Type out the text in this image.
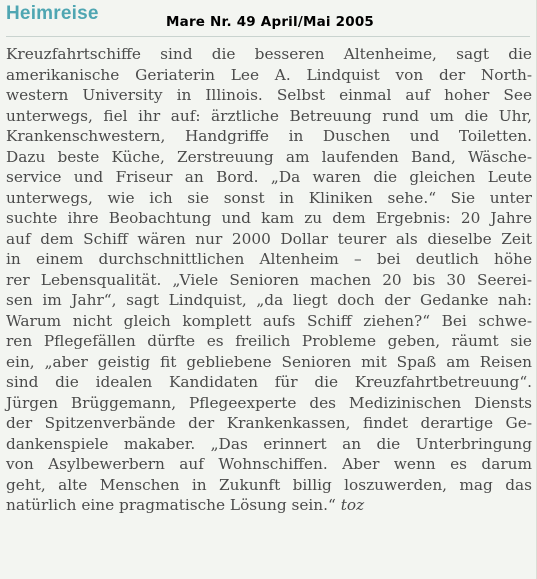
Heimreise	Mare Nr. 49 April/Mai 2005
Kreuzfahrtschiffe sind die besseren Altenheime, sagt die
amerikanische Geriaterin Lee A. Lindquist von der North-
western University in Illinois. Selbst einmal auf hoher See
unterwegs, fiel ihr auf: ärztliche Betreuung rund um die Uhr,
Krankenschwestern, Handgriffe in Duschen und Toiletten.
Dazu beste Küche, Zerstreuung am laufenden Band, Wäsche-
service und Friseur an Bord. „Da waren die gleichen Leute
unterwegs, wie ich sie sonst in Kliniken sehe.“ Sie unter
suchte ihre Beobachtung und kam zu dem Ergebnis: 20 Jahre
auf dem Schiff wären nur 2000 Dollar teurer als dieselbe Zeit
in einem durchschnittlichen Altenheim – bei deutlich höhe
rer Lebensqualität. „Viele Senioren machen 20 bis 30 Seerei-
sen im Jahr“, sagt Lindquist, „da liegt doch der Gedanke nah:
Warum nicht gleich komplett aufs Schiff ziehen?“ Bei schwe-
ren Pflegefällen dürfte es freilich Probleme geben, räumt sie
ein, „aber geistig fit gebliebene Senioren mit Spaß am Reisen
sind die idealen Kandidaten für die Kreuzfahrtbetreuung“.
Jürgen Brüggemann, Pflegeexperte des Medizinischen Diensts
der Spitzenverbände der Krankenkassen, findet derartige Ge-
dankenspiele makaber. „Das erinnert an die Unterbringung
von Asylbewerbern auf Wohnschiffen. Aber wenn es darum
geht, alte Menschen in Zukunft billig loszuwerden, mag das
natürlich eine pragmatische Lösung sein.“ toz
